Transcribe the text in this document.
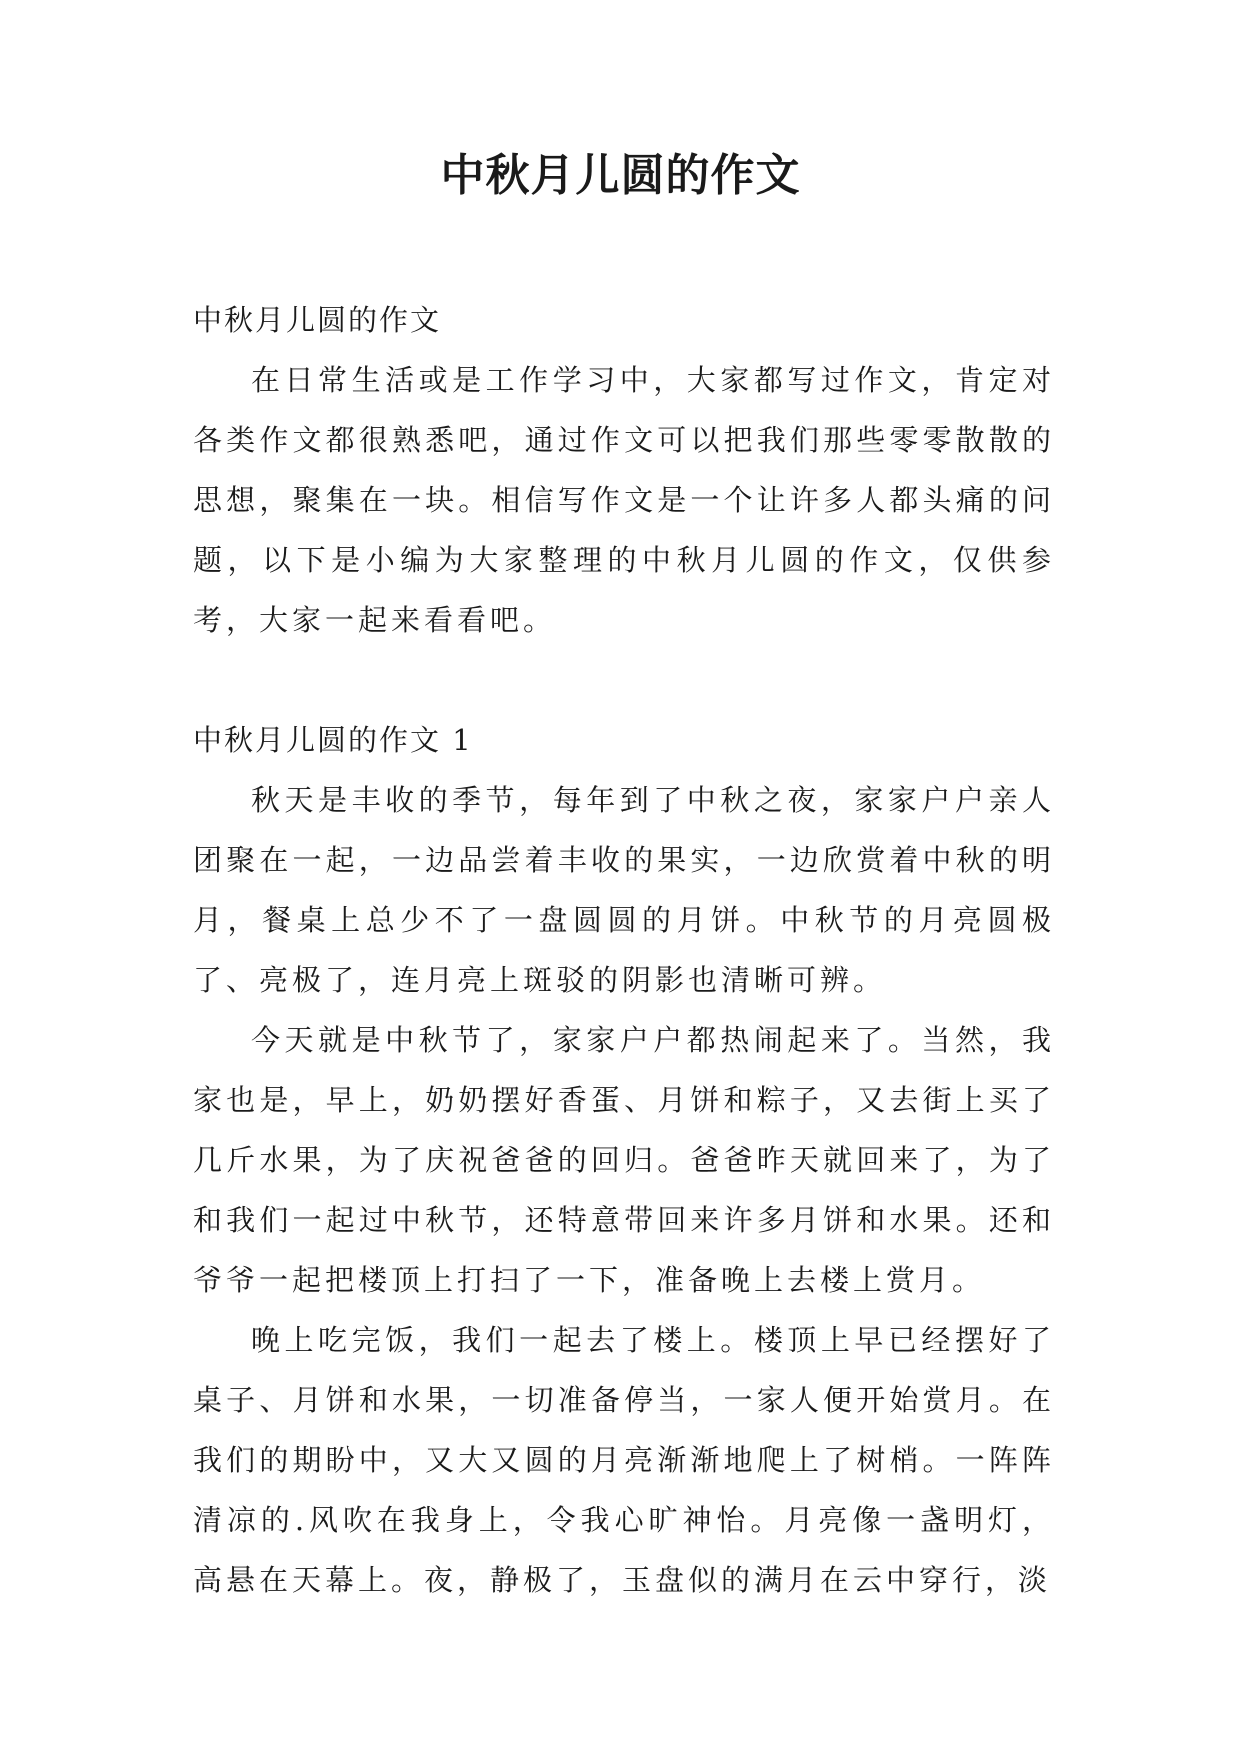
中秋月儿圆的作文

中秋月儿圆的作文

在日常生活或是工作学习中，大家都写过作文，肯定对各类作文都很熟悉吧，通过作文可以把我们那些零零散散的思想，聚集在一块。相信写作文是一个让许多人都头痛的问题，以下是小编为大家整理的中秋月儿圆的作文，仅供参考，大家一起来看看吧。

中秋月儿圆的作文 1

秋天是丰收的季节，每年到了中秋之夜，家家户户亲人团聚在一起，一边品尝着丰收的果实，一边欣赏着中秋的明月，餐桌上总少不了一盘圆圆的月饼。中秋节的月亮圆极了、亮极了，连月亮上斑驳的阴影也清晰可辨。

今天就是中秋节了，家家户户都热闹起来了。当然，我家也是，早上，奶奶摆好香蛋、月饼和粽子，又去街上买了几斤水果，为了庆祝爸爸的回归。爸爸昨天就回来了，为了和我们一起过中秋节，还特意带回来许多月饼和水果。还和爷爷一起把楼顶上打扫了一下，准备晚上去楼上赏月。

晚上吃完饭，我们一起去了楼上。楼顶上早已经摆好了桌子、月饼和水果，一切准备停当，一家人便开始赏月。在我们的期盼中，又大又圆的月亮渐渐地爬上了树梢。一阵阵清凉的.风吹在我身上，令我心旷神怡。月亮像一盏明灯，高悬在天幕上。夜，静极了，玉盘似的满月在云中穿行，淡
